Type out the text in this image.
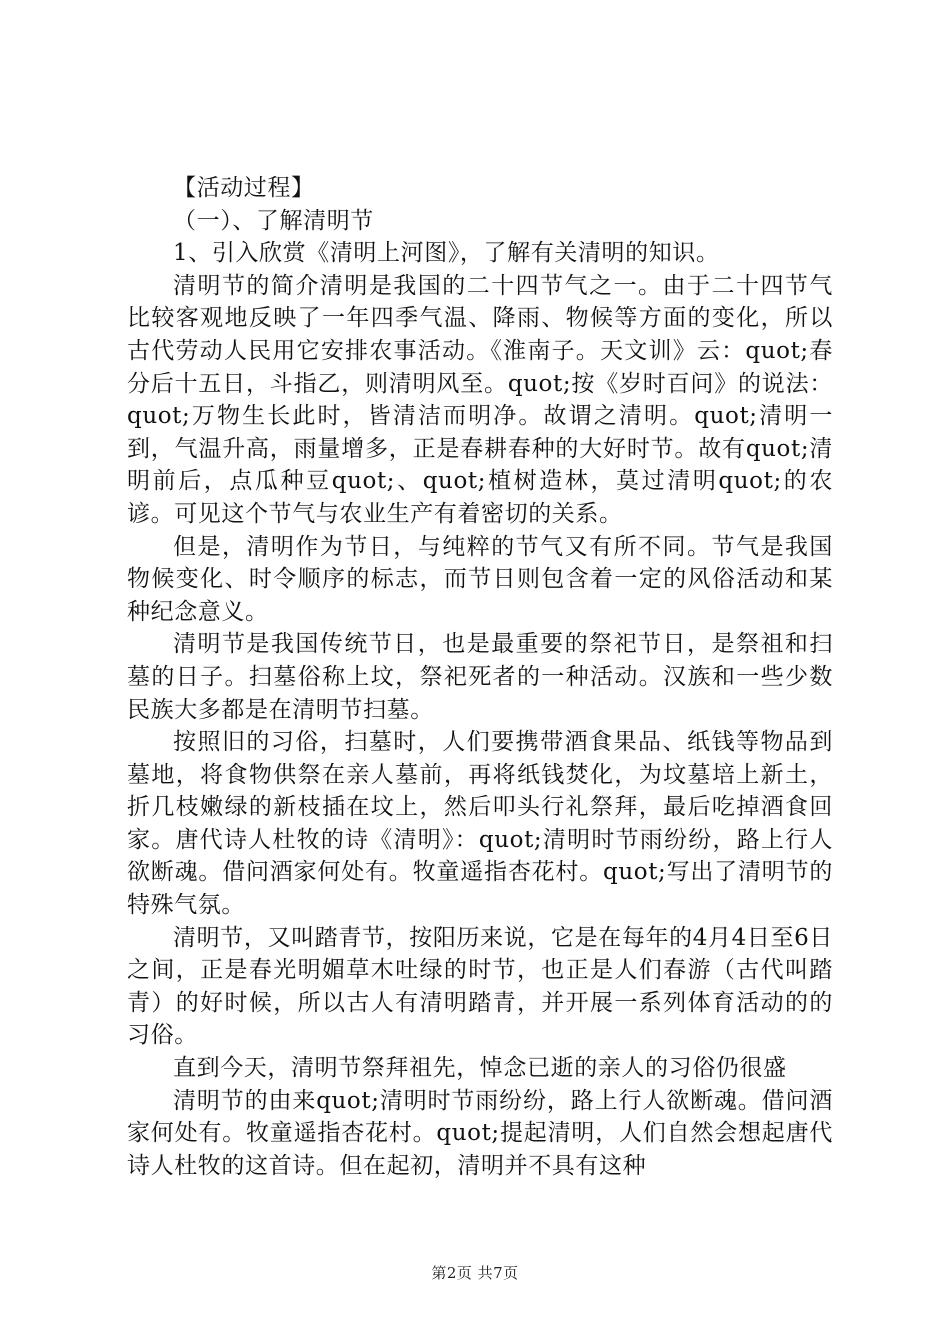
【活动过程】

（一）、了解清明节

1、引入欣赏《清明上河图》，了解有关清明的知识。

清明节的简介清明是我国的二十四节气之一。由于二十四节气比较客观地反映了一年四季气温、降雨、物候等方面的变化，所以古代劳动人民用它安排农事活动。《淮南子。天文训》云：quot;春分后十五日，斗指乙，则清明风至。quot;按《岁时百问》的说法：quot;万物生长此时，皆清洁而明净。故谓之清明。quot;清明一到，气温升高，雨量增多，正是春耕春种的大好时节。故有quot;清明前后，点瓜种豆quot;、quot;植树造林，莫过清明quot;的农谚。可见这个节气与农业生产有着密切的关系。

但是，清明作为节日，与纯粹的节气又有所不同。节气是我国物候变化、时令顺序的标志，而节日则包含着一定的风俗活动和某种纪念意义。

清明节是我国传统节日，也是最重要的祭祀节日，是祭祖和扫墓的日子。扫墓俗称上坟，祭祀死者的一种活动。汉族和一些少数民族大多都是在清明节扫墓。

按照旧的习俗，扫墓时，人们要携带酒食果品、纸钱等物品到墓地，将食物供祭在亲人墓前，再将纸钱焚化，为坟墓培上新土，折几枝嫩绿的新枝插在坟上，然后叩头行礼祭拜，最后吃掉酒食回家。唐代诗人杜牧的诗《清明》：quot;清明时节雨纷纷，路上行人欲断魂。借问酒家何处有。牧童遥指杏花村。quot;写出了清明节的特殊气氛。

清明节，又叫踏青节，按阳历来说，它是在每年的4月4日至6日之间，正是春光明媚草木吐绿的时节，也正是人们春游（古代叫踏青）的好时候，所以古人有清明踏青，并开展一系列体育活动的的习俗。

直到今天，清明节祭拜祖先，悼念已逝的亲人的习俗仍很盛

清明节的由来quot;清明时节雨纷纷，路上行人欲断魂。借问酒家何处有。牧童遥指杏花村。quot;提起清明，人们自然会想起唐代诗人杜牧的这首诗。但在起初，清明并不具有这种

第2页 共7页
